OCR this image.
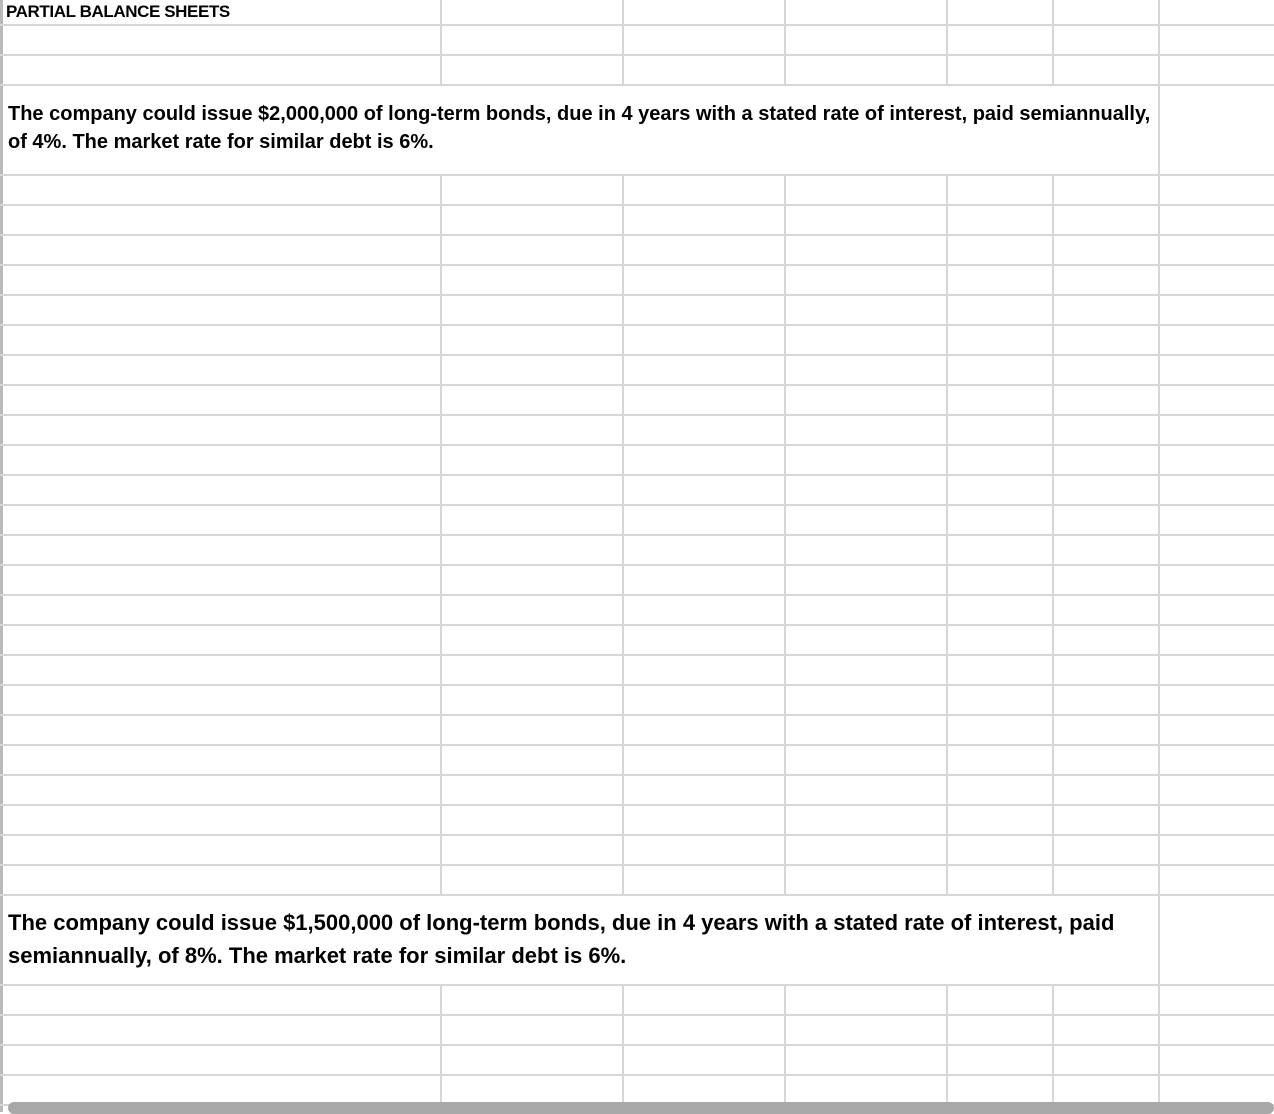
PARTIAL BALANCE SHEETS
The company could issue $2,000,000 of long-term bonds, due in 4 years with a stated rate of interest, paid semiannually, of 4%. The market rate for similar debt is 6%.
The company could issue $1,500,000 of long-term bonds, due in 4 years with a stated rate of interest, paid semiannually, of 8%. The market rate for similar debt is 6%.
